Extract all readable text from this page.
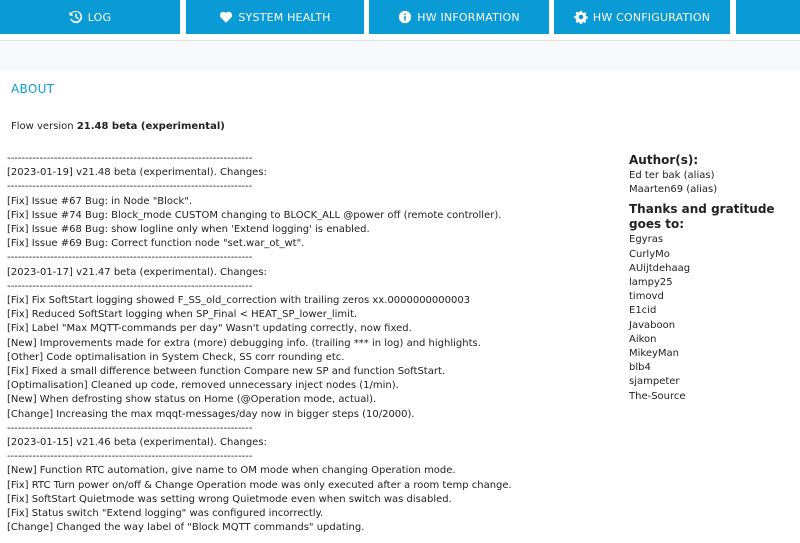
LOG	SYSTEM HEALTH	HW INFORMATION	HW CONFIGURATION
ABOUT
Flow version 21.48 beta (experimental)
--------------------------------------------------------------------
[2023-01-19] v21.48 beta (experimental). Changes:
--------------------------------------------------------------------
[Fix] Issue #67 Bug: in Node "Block".
[Fix] Issue #74 Bug: Block_mode CUSTOM changing to BLOCK_ALL @power off (remote controller).
[Fix] Issue #68 Bug: show logline only when 'Extend logging' is enabled.
[Fix] Issue #69 Bug: Correct function node "set.war_ot_wt".
--------------------------------------------------------------------
[2023-01-17] v21.47 beta (experimental). Changes:
--------------------------------------------------------------------
[Fix] Fix SoftStart logging showed F_SS_old_correction with trailing zeros xx.0000000000003
[Fix] Reduced SoftStart logging when SP_Final < HEAT_SP_lower_limit.
[Fix] Label "Max MQTT-commands per day" Wasn't updating correctly, now fixed.
[New] Improvements made for extra (more) debugging info. (trailing *** in log) and highlights.
[Other] Code optimalisation in System Check, SS corr rounding etc.
[Fix] Fixed a small difference between function Compare new SP and function SoftStart.
[Optimalisation] Cleaned up code, removed unnecessary inject nodes (1/min).
[New] When defrosting show status on Home (@Operation mode, actual).
[Change] Increasing the max mqqt-messages/day now in bigger steps (10/2000).
--------------------------------------------------------------------
[2023-01-15] v21.46 beta (experimental). Changes:
--------------------------------------------------------------------
[New] Function RTC automation, give name to OM mode when changing Operation mode.
[Fix] RTC Turn power on/off & Change Operation mode was only executed after a room temp change.
[Fix] SoftStart Quietmode was setting wrong Quietmode even when switch was disabled.
[Fix] Status switch "Extend logging" was configured incorrectly.
[Change] Changed the way label of "Block MQTT commands" updating.
Author(s):
Ed ter bak (alias)
Maarten69 (alias)
Thanks and gratitude goes to:
Egyras
CurlyMo
AUijtdehaag
lampy25
timovd
E1cid
Javaboon
Aikon
MikeyMan
blb4
sjampeter
The-Source
